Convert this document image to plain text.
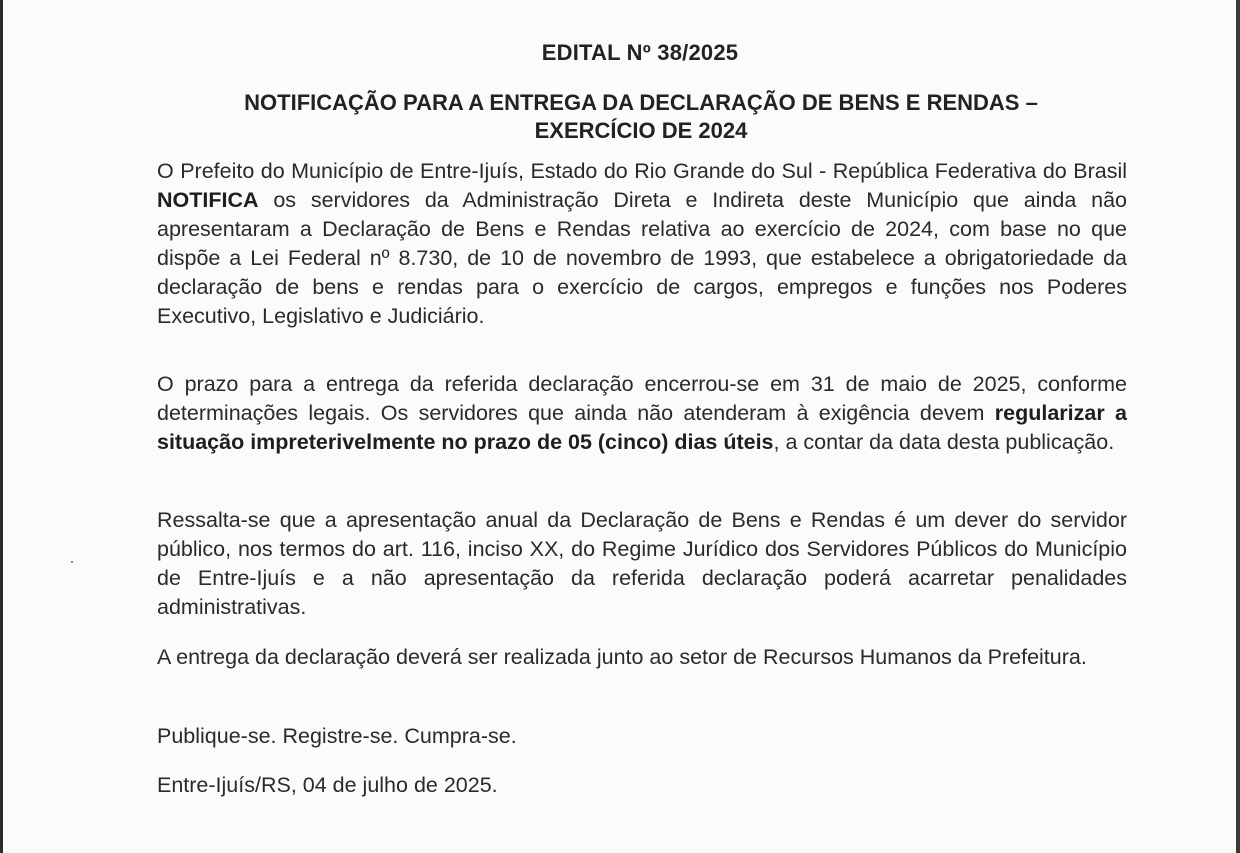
EDITAL Nº 38/2025
NOTIFICAÇÃO PARA A ENTREGA DA DECLARAÇÃO DE BENS E RENDAS –
EXERCÍCIO DE 2024

O Prefeito do Município de Entre-Ijuís, Estado do Rio Grande do Sul - República Federativa do Brasil NOTIFICA os servidores da Administração Direta e Indireta deste Município que ainda não apresentaram a Declaração de Bens e Rendas relativa ao exercício de 2024, com base no que dispõe a Lei Federal nº 8.730, de 10 de novembro de 1993, que estabelece a obrigatoriedade da declaração de bens e rendas para o exercício de cargos, empregos e funções nos Poderes Executivo, Legislativo e Judiciário.

O prazo para a entrega da referida declaração encerrou-se em 31 de maio de 2025, conforme determinações legais. Os servidores que ainda não atenderam à exigência devem regularizar a situação impreterivelmente no prazo de 05 (cinco) dias úteis, a contar da data desta publicação.

Ressalta-se que a apresentação anual da Declaração de Bens e Rendas é um dever do servidor público, nos termos do art. 116, inciso XX, do Regime Jurídico dos Servidores Públicos do Município de Entre-Ijuís e a não apresentação da referida declaração poderá acarretar penalidades administrativas.

A entrega da declaração deverá ser realizada junto ao setor de Recursos Humanos da Prefeitura.

Publique-se. Registre-se. Cumpra-se.

Entre-Ijuís/RS, 04 de julho de 2025.
